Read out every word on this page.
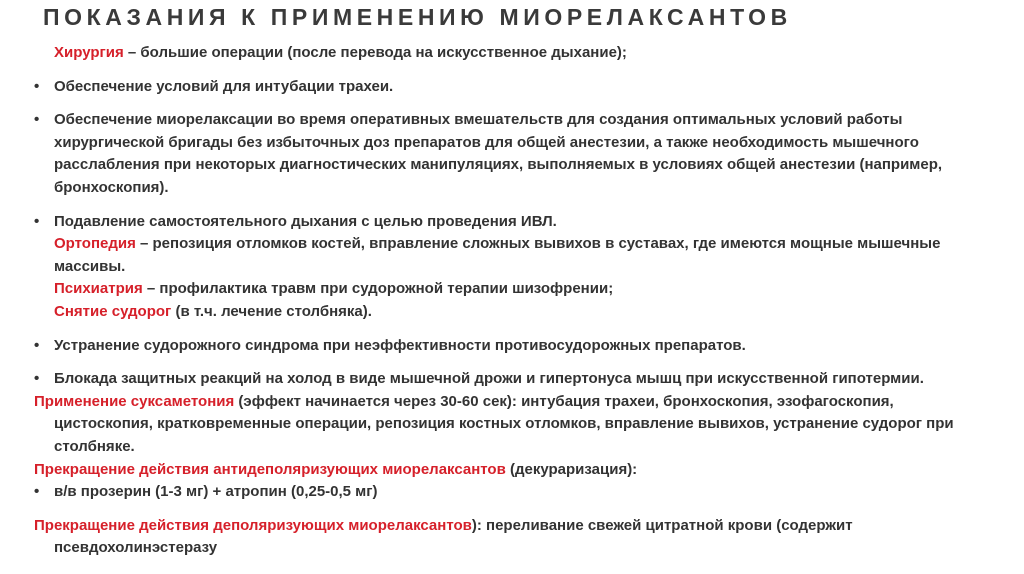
ПОКАЗАНИЯ К ПРИМЕНЕНИЮ МИОРЕЛАКСАНТОВ

Хирургия – большие операции (после перевода на искусственное дыхание);

• Обеспечение условий для интубации трахеи.
• Обеспечение миорелаксации во время оперативных вмешательств для создания оптимальных условий работы хирургической бригады без избыточных доз препаратов для общей анестезии, а также необходимость мышечного расслабления при некоторых диагностических манипуляциях, выполняемых в условиях общей анестезии (например, бронхоскопия).
• Подавление самостоятельного дыхания с целью проведения ИВЛ.

Ортопедия – репозиция отломков костей, вправление сложных вывихов в суставах, где имеются мощные мышечные массивы.

Психиатрия – профилактика травм при судорожной терапии шизофрении;

Снятие судорог (в т.ч. лечение столбняка).

• Устранение судорожного синдрома при неэффективности противосудорожных препаратов.
• Блокада защитных реакций на холод в виде мышечной дрожи и гипертонуса мышц при искусственной гипотермии.

Применение суксаметония (эффект начинается через 30-60 сек): интубация трахеи, бронхоскопия, эзофагоскопия, цистоскопия, кратковременные операции, репозиция костных отломков, вправление вывихов, устранение судорог при столбняке.

Прекращение действия антидеполяризующих миорелаксантов (декураризация):

• в/в прозерин (1-3 мг) + атропин (0,25-0,5 мг)

Прекращение действия деполяризующих миорелаксантов): переливание свежей цитратной крови (содержит псевдохолинэстеразу
